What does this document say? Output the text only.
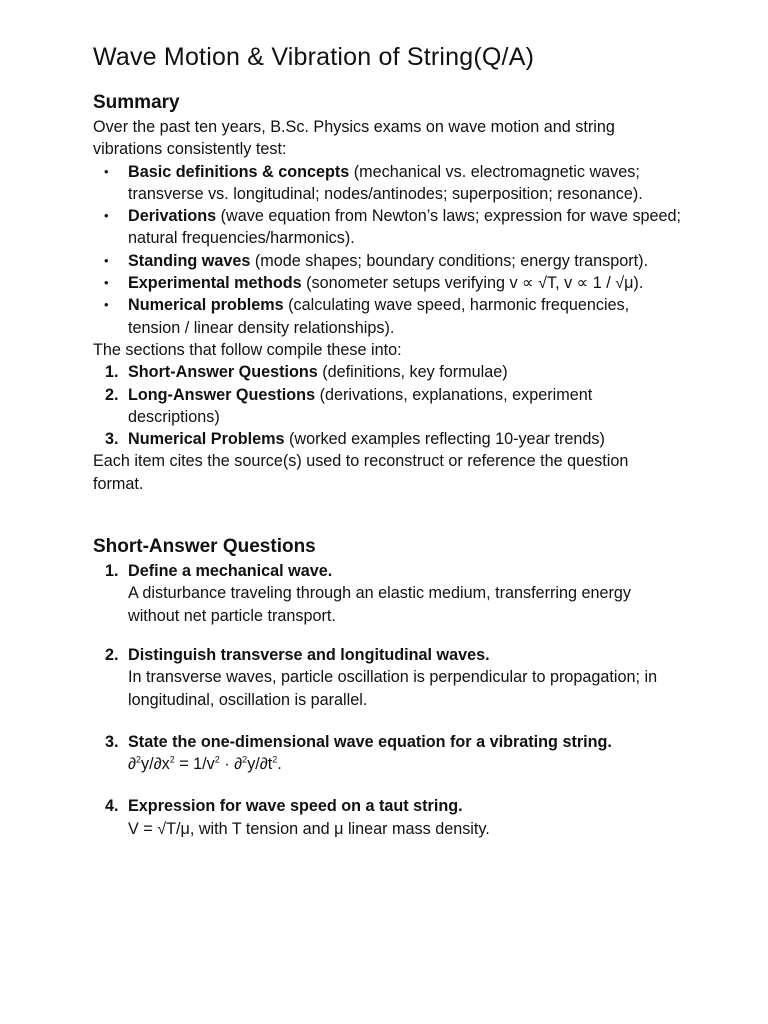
Wave Motion & Vibration of String(Q/A)
Summary

Over the past ten years, B.Sc. Physics exams on wave motion and string vibrations consistently test:

• Basic definitions & concepts (mechanical vs. electromagnetic waves; transverse vs. longitudinal; nodes/antinodes; superposition; resonance).
• Derivations (wave equation from Newton’s laws; expression for wave speed; natural frequencies/harmonics).
• Standing waves (mode shapes; boundary conditions; energy transport).
• Experimental methods (sonometer setups verifying v ∝ √T, v ∝ 1 / √μ).
• Numerical problems (calculating wave speed, harmonic frequencies, tension / linear density relationships).

The sections that follow compile these into:

1. Short-Answer Questions (definitions, key formulae)
2. Long-Answer Questions (derivations, explanations, experiment descriptions)
3. Numerical Problems (worked examples reflecting 10-year trends)

Each item cites the source(s) used to reconstruct or reference the question format.

Short-Answer Questions
1. Define a mechanical wave.
A disturbance traveling through an elastic medium, transferring energy without net particle transport.
2. Distinguish transverse and longitudinal waves.
In transverse waves, particle oscillation is perpendicular to propagation; in longitudinal, oscillation is parallel.
3. State the one-dimensional wave equation for a vibrating string.
$\partial^2y/\partial x^2 = 1/v^2 \cdot \partial^2y/\partial t^2$.
4. Expression for wave speed on a taut string.
V = √T/μ, with T tension and μ linear mass density.
